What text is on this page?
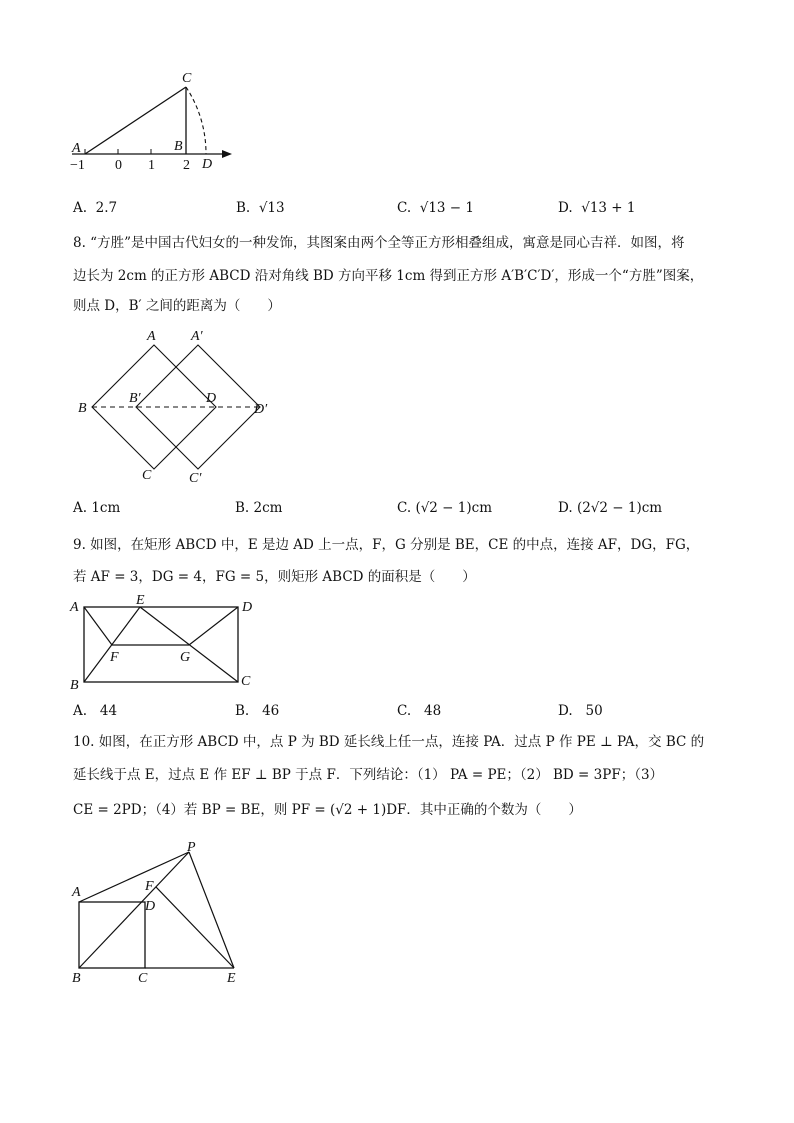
A	B
C
D
−1 0 1 2
A. 2.7	B. √13	C. √13 − 1	D. √13 + 1
8. “方胜”是中国古代妇女的一种发饰，其图案由两个全等正方形相叠组成，寓意是同心吉祥．如图，将
边长为 2cm 的正方形 ABCD 沿对角线 BD 方向平移 1cm 得到正方形 A′B′C′D′，形成一个“方胜”图案，
则点 D，B′ 之间的距离为（　　）
A	A′
B
B′	D
D′
C	C′
A. 1cm	B. 2cm	C. (√2 − 1)cm	D. (2√2 − 1)cm
9. 如图，在矩形 ABCD 中，E 是边 AD 上一点，F，G 分别是 BE，CE 的中点，连接 AF，DG，FG，
若 AF = 3，DG = 4，FG = 5，则矩形 ABCD 的面积是（　　）
A	E	D
F	G
B	C
A. 44	B. 46	C. 48	D. 50
10. 如图，在正方形 ABCD 中，点 P 为 BD 延长线上任一点，连接 PA．过点 P 作 PE ⊥ PA，交 BC 的
延长线于点 E，过点 E 作 EF ⊥ BP 于点 F．下列结论：（1） PA = PE；（2） BD = 3PF；（3）
CE = 2PD；（4）若 BP = BE，则 PF = (√2 + 1)DF．其中正确的个数为（　　）
P
A	F
D
B	C	E
